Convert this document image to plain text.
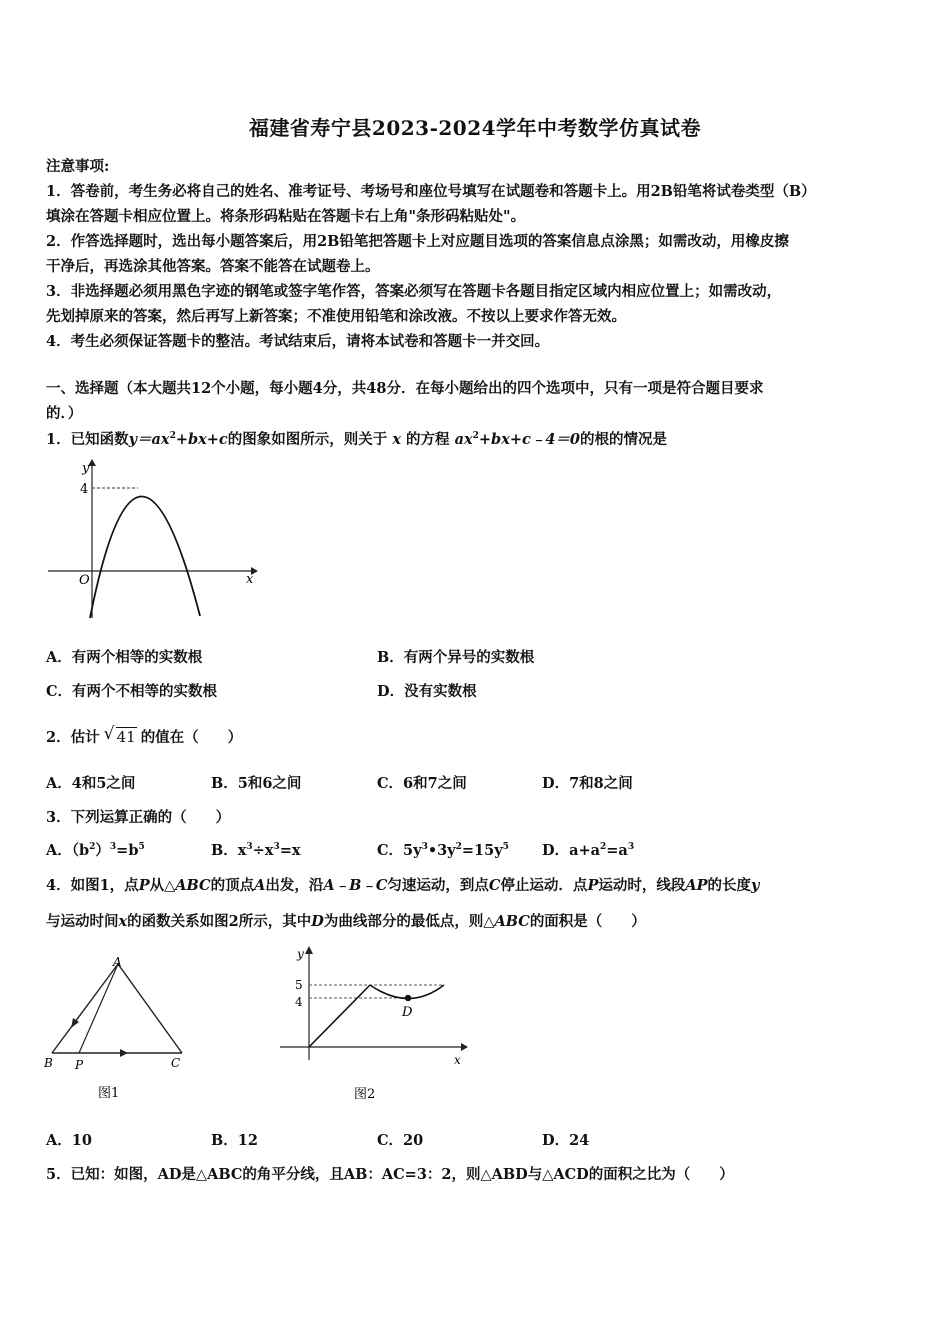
福建省寿宁县2023-2024学年中考数学仿真试卷
注意事项:
1．答卷前，考生务必将自己的姓名、准考证号、考场号和座位号填写在试题卷和答题卡上。用2B铅笔将试卷类型（B）
填涂在答题卡相应位置上。将条形码粘贴在答题卡右上角"条形码粘贴处"。
2．作答选择题时，选出每小题答案后，用2B铅笔把答题卡上对应题目选项的答案信息点涂黑；如需改动，用橡皮擦
干净后，再选涂其他答案。答案不能答在试题卷上。
3．非选择题必须用黑色字迹的钢笔或签字笔作答，答案必须写在答题卡各题目指定区域内相应位置上；如需改动，
先划掉原来的答案，然后再写上新答案；不准使用铅笔和涂改液。不按以上要求作答无效。
4．考生必须保证答题卡的整洁。考试结束后，请将本试卷和答题卡一并交回。
一、选择题（本大题共12个小题，每小题4分，共48分．在每小题给出的四个选项中，只有一项是符合题目要求
的．）
1．已知函数$y=ax^2+bx+c$的图象如图所示，则关于 x 的方程 $ax^2+bx+c﹣4=0$的根的情况是
y
x
O
4
A．有两个相等的实数根	B．有两个异号的实数根
C．有两个不相等的实数根	D．没有实数根
2．估计 √ 41 的值在（　　）
A．4和5之间	B．5和6之间	C．6和7之间	D．7和8之间
3．下列运算正确的（　　）
A．$(b^2)^3=b^5$	B．$x^3\div x^3=x$	C．$5y^3•3y^2=15y^5$ D．$a+a^2=a^3$
4．如图1，点P从△ABC的顶点A出发，沿A﹣B﹣C匀速运动，到点C停止运动．点P运动时，线段AP的长度y
与运动时间x的函数关系如图2所示，其中D为曲线部分的最低点，则△ABC的面积是（　　）
A
B P	C
图1
y
x
5
4
D
图2
A．10	B．12	C．20	D．24
5．已知：如图，AD是△ABC的角平分线，且AB：AC=3：2，则△ABD与△ACD的面积之比为（　　）
